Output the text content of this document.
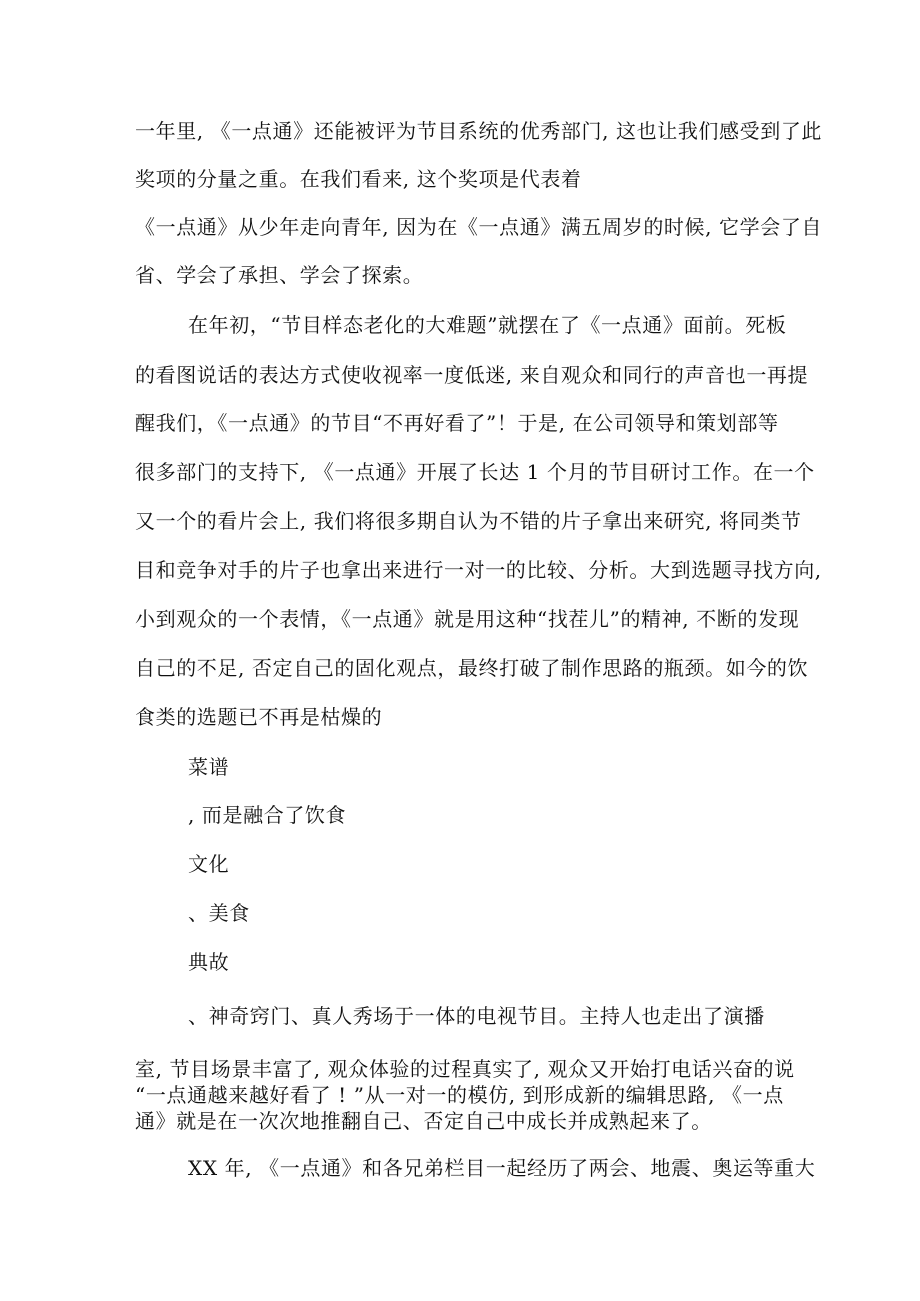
一年里, 《一点通》还能被评为节目系统的优秀部门, 这也让我们感受到了此
奖项的分量之重。在我们看来, 这个奖项是代表着
《一点通》从少年走向青年, 因为在《一点通》满五周岁的时候, 它学会了自
省、学会了承担、学会了探索。
在年初，“节目样态老化的大难题”就摆在了《一点通》面前。死板
的看图说话的表达方式使收视率一度低迷, 来自观众和同行的声音也一再提
醒我们，《一点通》的节目“不再好看了”！于是, 在公司领导和策划部等
很多部门的支持下, 《一点通》开展了长达 1 个月的节目研讨工作。在一个
又一个的看片会上, 我们将很多期自认为不错的片子拿出来研究, 将同类节
目和竞争对手的片子也拿出来进行一对一的比较、分析。大到选题寻找方向,
小到观众的一个表情，《一点通》就是用这种“找茬儿”的精神, 不断的发现
自己的不足, 否定自己的固化观点，最终打破了制作思路的瓶颈。如今的饮
食类的选题已不再是枯燥的
菜谱
, 而是融合了饮食
文化
、美食
典故
、神奇窍门、真人秀场于一体的电视节目。主持人也走出了演播
室, 节目场景丰富了, 观众体验的过程真实了, 观众又开始打电话兴奋的说
“一点通越来越好看了 ! ”从一对一的模仿, 到形成新的编辑思路, 《一点
通》就是在一次次地推翻自己、否定自己中成长并成熟起来了。
XX 年, 《一点通》和各兄弟栏目一起经历了两会、地震、奥运等重大
